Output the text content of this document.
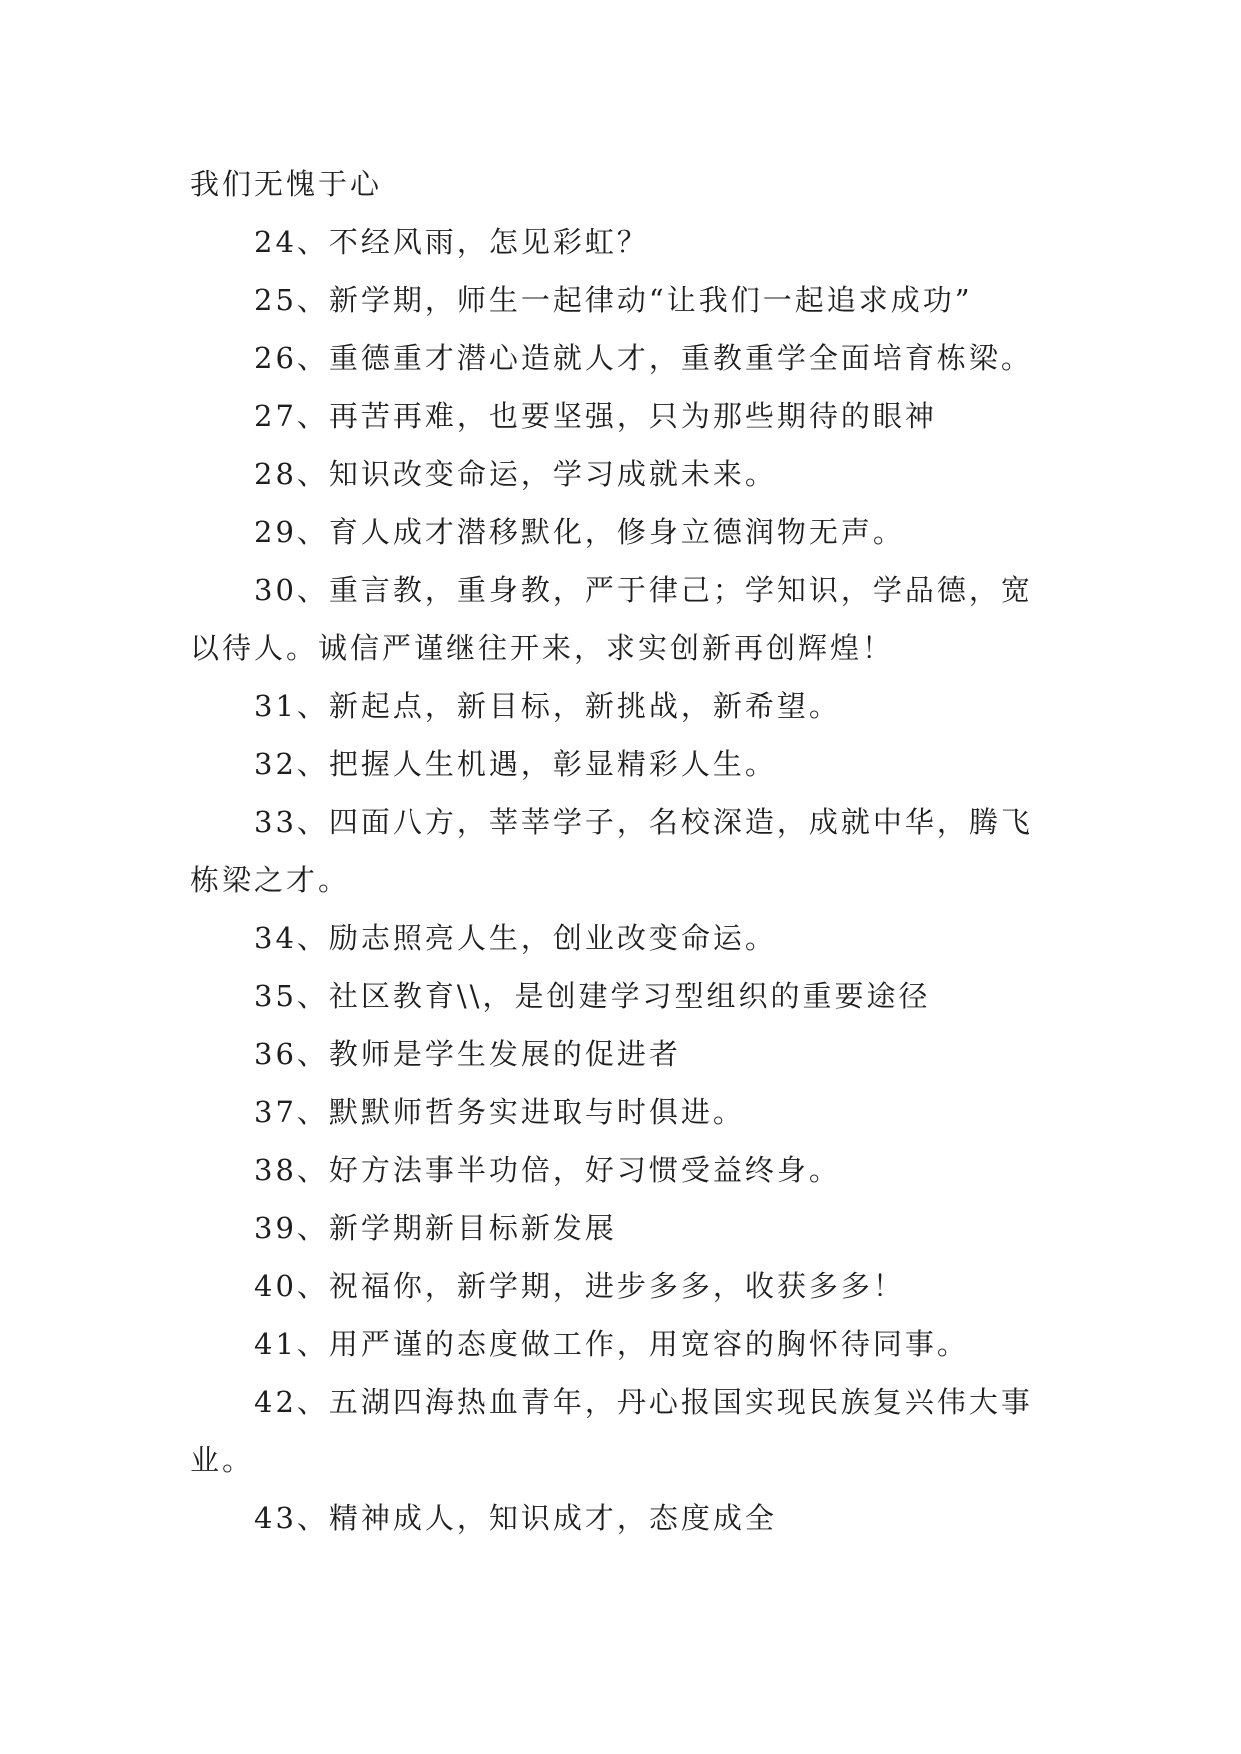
我们无愧于心

24、不经风雨，怎见彩虹？

25、新学期，师生一起律动“让我们一起追求成功”

26、重德重才潜心造就人才，重教重学全面培育栋梁。

27、再苦再难，也要坚强，只为那些期待的眼神

28、知识改变命运，学习成就未来。

29、育人成才潜移默化，修身立德润物无声。

30、重言教，重身教，严于律己；学知识，学品德，宽以待人。诚信严谨继往开来，求实创新再创辉煌！

31、新起点，新目标，新挑战，新希望。

32、把握人生机遇，彰显精彩人生。

33、四面八方，莘莘学子，名校深造，成就中华，腾飞栋梁之才。

34、励志照亮人生，创业改变命运。

35、社区教育\\，是创建学习型组织的重要途径

36、教师是学生发展的促进者

37、默默师哲务实进取与时俱进。

38、好方法事半功倍，好习惯受益终身。

39、新学期新目标新发展

40、祝福你，新学期，进步多多，收获多多！

41、用严谨的态度做工作，用宽容的胸怀待同事。

42、五湖四海热血青年，丹心报国实现民族复兴伟大事业。

43、精神成人，知识成才，态度成全
